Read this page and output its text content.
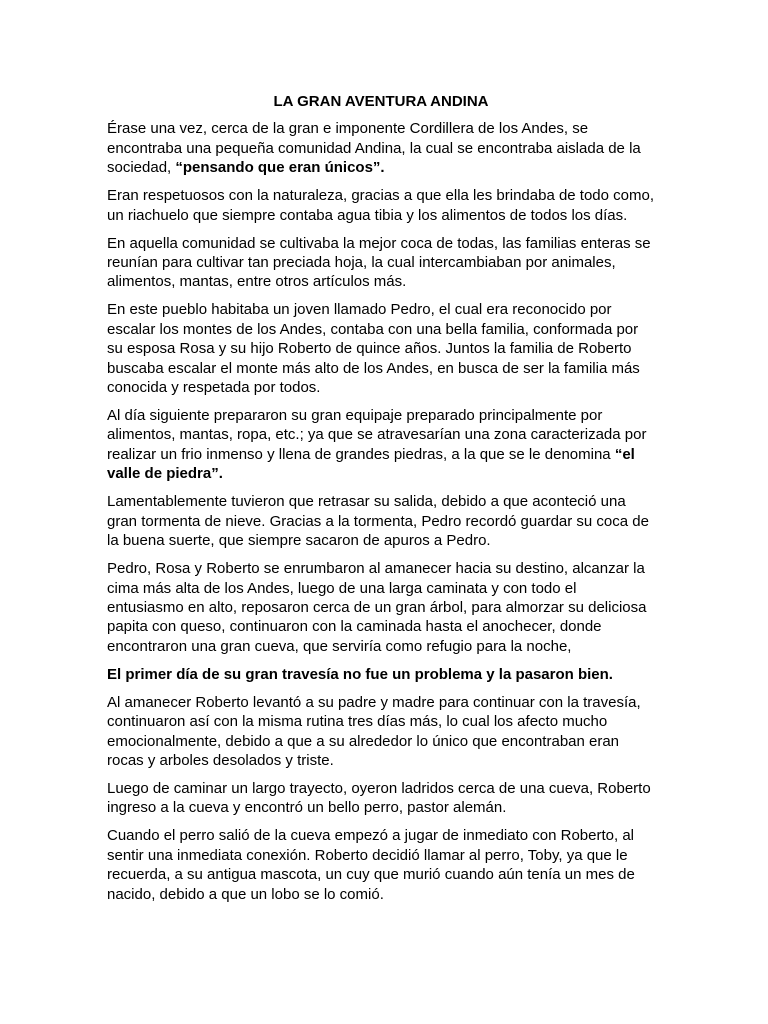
LA GRAN AVENTURA ANDINA

Érase una vez, cerca de la gran e imponente Cordillera de los Andes, se encontraba una pequeña comunidad Andina, la cual se encontraba aislada de la sociedad, “pensando que eran únicos”.

Eran respetuosos con la naturaleza, gracias a que ella les brindaba de todo como, un riachuelo que siempre contaba agua tibia y los alimentos de todos los días.

En aquella comunidad se cultivaba la mejor coca de todas, las familias enteras se reunían para cultivar tan preciada hoja, la cual intercambiaban por animales, alimentos, mantas, entre otros artículos más.

En este pueblo habitaba un joven llamado Pedro, el cual era reconocido por escalar los montes de los Andes, contaba con una bella familia, conformada por su esposa Rosa y su hijo Roberto de quince años. Juntos la familia de Roberto buscaba escalar el monte más alto de los Andes, en busca de ser la familia más conocida y respetada por todos.

Al día siguiente prepararon su gran equipaje preparado principalmente por alimentos, mantas, ropa, etc.; ya que se atravesarían una zona caracterizada por realizar un frio inmenso y llena de grandes piedras, a la que se le denomina “el valle de piedra”.

Lamentablemente tuvieron que retrasar su salida, debido a que aconteció una gran tormenta de nieve. Gracias a la tormenta, Pedro recordó guardar su coca de la buena suerte, que siempre sacaron de apuros a Pedro.

Pedro, Rosa y Roberto se enrumbaron al amanecer hacia su destino, alcanzar la cima más alta de los Andes, luego de una larga caminata y con todo el entusiasmo en alto, reposaron cerca de un gran árbol, para almorzar su deliciosa papita con queso, continuaron con la caminada hasta el anochecer, donde encontraron una gran cueva, que serviría como refugio para la noche,

El primer día de su gran travesía no fue un problema y la pasaron bien.

Al amanecer Roberto levantó a su padre y madre para continuar con la travesía, continuaron así con la misma rutina tres días más, lo cual los afecto mucho emocionalmente, debido a que a su alrededor lo único que encontraban eran rocas y arboles desolados y triste.

Luego de caminar un largo trayecto, oyeron ladridos cerca de una cueva, Roberto ingreso a la cueva y encontró un bello perro, pastor alemán.

Cuando el perro salió de la cueva empezó a jugar de inmediato con Roberto, al sentir una inmediata conexión. Roberto decidió llamar al perro, Toby, ya que le recuerda, a su antigua mascota, un cuy que murió cuando aún tenía un mes de nacido, debido a que un lobo se lo comió.
